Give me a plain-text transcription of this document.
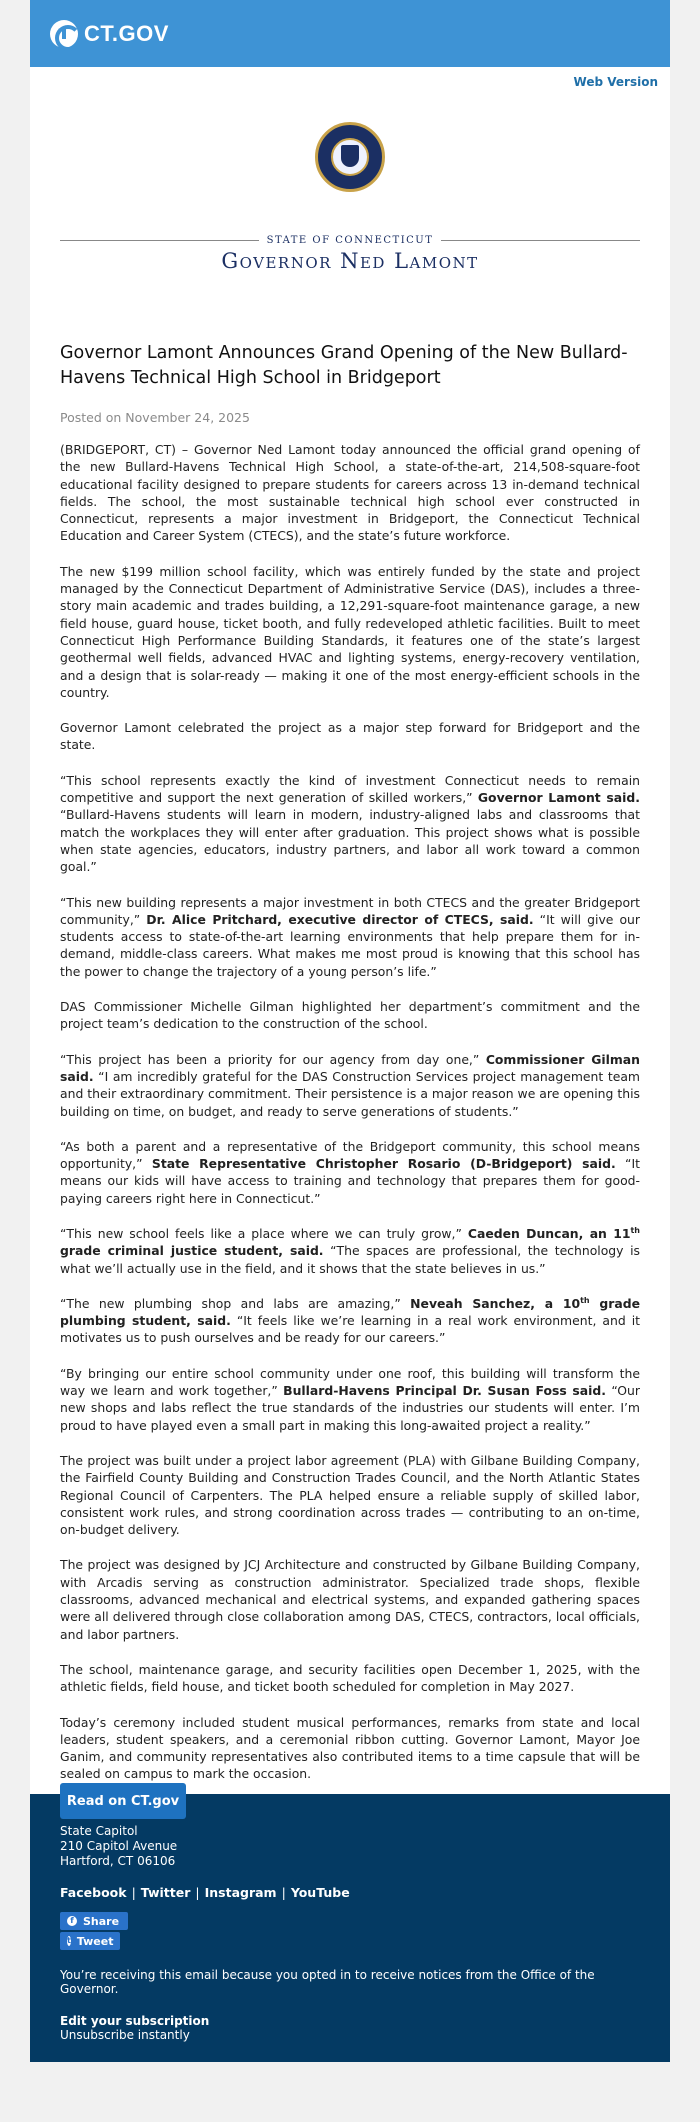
CT.GOV
Web Version
STATE OF CONNECTICUT
Governor Ned Lamont
Governor Lamont Announces Grand Opening of the New Bullard-Havens Technical High School in Bridgeport
Posted on November 24, 2025

(BRIDGEPORT, CT) – Governor Ned Lamont today announced the official grand opening of the new Bullard-Havens Technical High School, a state-of-the-art, 214,508-square-foot educational facility designed to prepare students for careers across 13 in-demand technical fields. The school, the most sustainable technical high school ever constructed in Connecticut, represents a major investment in Bridgeport, the Connecticut Technical Education and Career System (CTECS), and the state’s future workforce.

The new $199 million school facility, which was entirely funded by the state and project managed by the Connecticut Department of Administrative Service (DAS), includes a three-story main academic and trades building, a 12,291-square-foot maintenance garage, a new field house, guard house, ticket booth, and fully redeveloped athletic facilities. Built to meet Connecticut High Performance Building Standards, it features one of the state’s largest geothermal well fields, advanced HVAC and lighting systems, energy-recovery ventilation, and a design that is solar-ready — making it one of the most energy-efficient schools in the country.

Governor Lamont celebrated the project as a major step forward for Bridgeport and the state.

“This school represents exactly the kind of investment Connecticut needs to remain competitive and support the next generation of skilled workers,” Governor Lamont said. “Bullard-Havens students will learn in modern, industry-aligned labs and classrooms that match the workplaces they will enter after graduation. This project shows what is possible when state agencies, educators, industry partners, and labor all work toward a common goal.”

“This new building represents a major investment in both CTECS and the greater Bridgeport community,” Dr. Alice Pritchard, executive director of CTECS, said. “It will give our students access to state-of-the-art learning environments that help prepare them for in-demand, middle-class careers. What makes me most proud is knowing that this school has the power to change the trajectory of a young person’s life.”

DAS Commissioner Michelle Gilman highlighted her department’s commitment and the project team’s dedication to the construction of the school.

“This project has been a priority for our agency from day one,” Commissioner Gilman said. “I am incredibly grateful for the DAS Construction Services project management team and their extraordinary commitment. Their persistence is a major reason we are opening this building on time, on budget, and ready to serve generations of students.”

“As both a parent and a representative of the Bridgeport community, this school means opportunity,” State Representative Christopher Rosario (D-Bridgeport) said. “It means our kids will have access to training and technology that prepares them for good-paying careers right here in Connecticut.”

“This new school feels like a place where we can truly grow,” Caeden Duncan, an 11th grade criminal justice student, said. “The spaces are professional, the technology is what we’ll actually use in the field, and it shows that the state believes in us.”

“The new plumbing shop and labs are amazing,” Neveah Sanchez, a 10th grade plumbing student, said. “It feels like we’re learning in a real work environment, and it motivates us to push ourselves and be ready for our careers.”

“By bringing our entire school community under one roof, this building will transform the way we learn and work together,” Bullard-Havens Principal Dr. Susan Foss said. “Our new shops and labs reflect the true standards of the industries our students will enter. I’m proud to have played even a small part in making this long-awaited project a reality.”

The project was built under a project labor agreement (PLA) with Gilbane Building Company, the Fairfield County Building and Construction Trades Council, and the North Atlantic States Regional Council of Carpenters. The PLA helped ensure a reliable supply of skilled labor, consistent work rules, and strong coordination across trades — contributing to an on-time, on-budget delivery.

The project was designed by JCJ Architecture and constructed by Gilbane Building Company, with Arcadis serving as construction administrator. Specialized trade shops, flexible classrooms, advanced mechanical and electrical systems, and expanded gathering spaces were all delivered through close collaboration among DAS, CTECS, contractors, local officials, and labor partners.

The school, maintenance garage, and security facilities open December 1, 2025, with the athletic fields, field house, and ticket booth scheduled for completion in May 2027.

Today’s ceremony included student musical performances, remarks from state and local leaders, student speakers, and a ceremonial ribbon cutting. Governor Lamont, Mayor Joe Ganim, and community representatives also contributed items to a time capsule that will be sealed on campus to mark the occasion.

Read on CT.gov
State Capitol
210 Capitol Avenue
Hartford, CT 06106
Facebook | Twitter | Instagram | YouTube
f Share
t Tweet
You’re receiving this email because you opted in to receive notices from the Office of the Governor.
Edit your subscription
Unsubscribe instantly
